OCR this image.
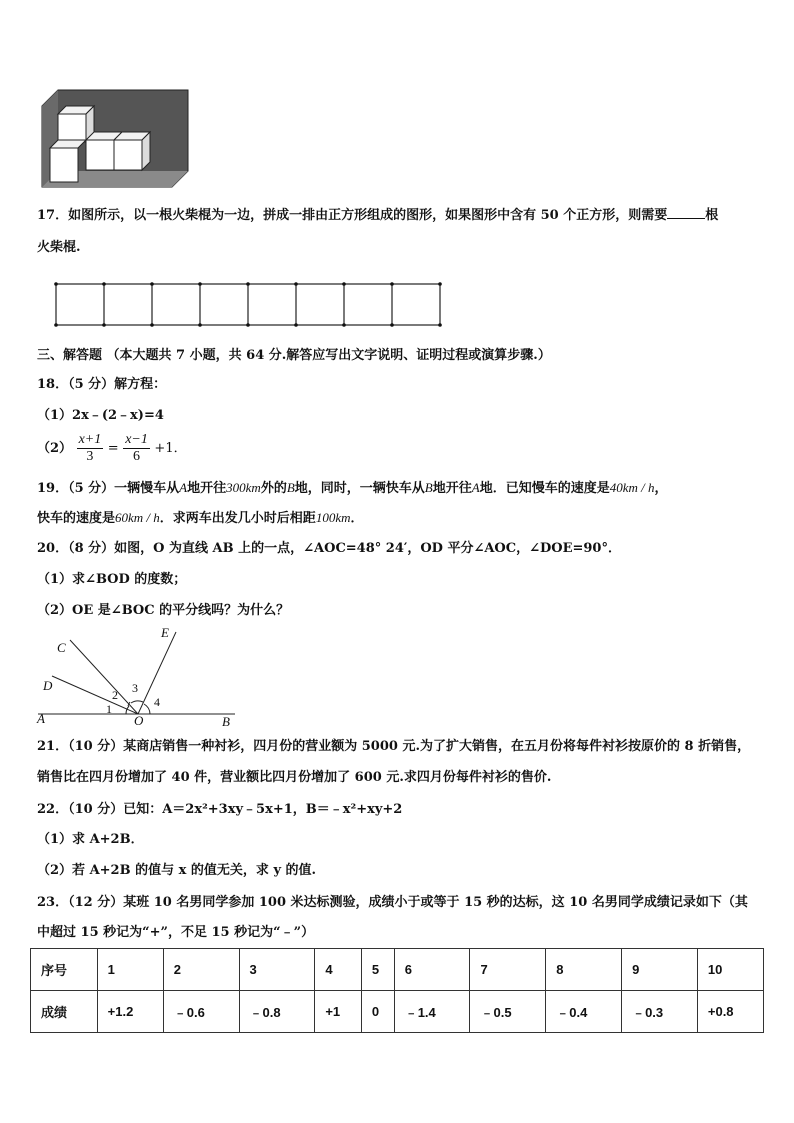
17．如图所示，以一根火柴棍为一边，拼成一排由正方形组成的图形，如果图形中含有 50 个正方形，则需要	根
火柴棍.
三、解答题 （本大题共 7 小题，共 64 分.解答应写出文字说明、证明过程或演算步骤.）
18．（5 分）解方程：
（1）2x﹣(2﹣x)=4
$(2) \frac{x+1}{3} = \frac{x-1}{6} +1$．
19．（5 分）一辆慢车从A地开往300km外的B地，同时，一辆快车从B地开往A地．已知慢车的速度是40km / h，
快车的速度是60km / h．求两车出发几小时后相距100km．
20．（8 分）如图，O 为直线 AB 上的一点，∠AOC=48° 24′，OD 平分∠AOC，∠DOE=90°．
（1）求∠BOD 的度数；
（2）OE 是∠BOC 的平分线吗？为什么？
C
E
D
A	O	B
1
2 3
4
21．（10 分）某商店销售一种衬衫，四月份的营业额为 5000 元.为了扩大销售，在五月份将每件衬衫按原价的 8 折销售，
销售比在四月份增加了 40 件，营业额比四月份增加了 600 元.求四月份每件衬衫的售价.
22．（10 分）已知：A＝2x²+3xy﹣5x+1，B＝﹣x²+xy+2
（1）求 A+2B．
（2）若 A+2B 的值与 x 的值无关，求 y 的值.
23．（12 分）某班 10 名男同学参加 100 米达标测验，成绩小于或等于 15 秒的达标，这 10 名男同学成绩记录如下（其
中超过 15 秒记为“+”，不足 15 秒记为“﹣”）
序号	1	2	3	4	5	6	7	8	9	10
成绩	+1.2	﹣0.6	﹣0.8	+1	0	﹣1.4	﹣0.5	﹣0.4	﹣0.3	+0.8
